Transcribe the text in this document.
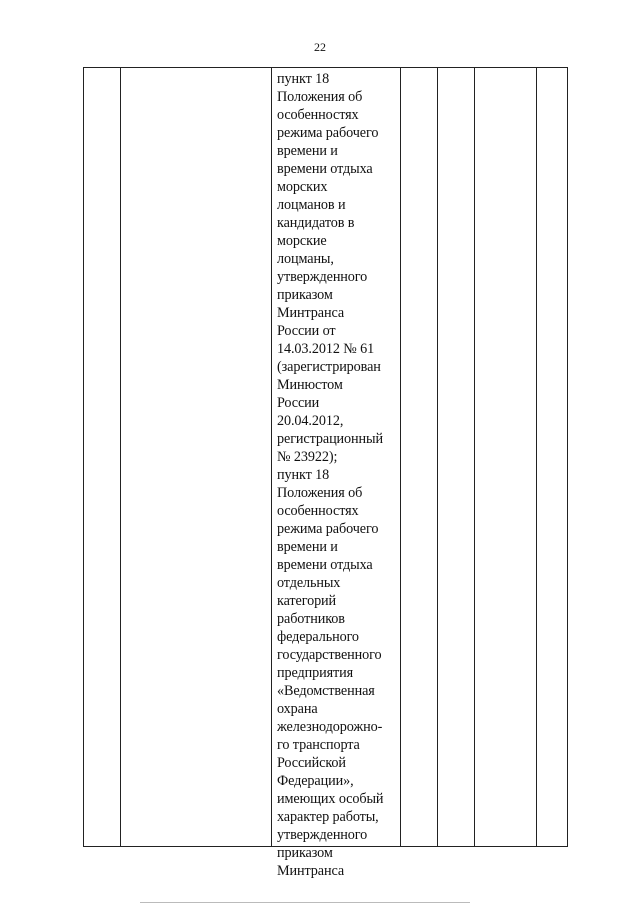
22
пункт 18
Положения об
особенностях
режима рабочего
времени и
времени отдыха
морских
лоцманов и
кандидатов в
морские
лоцманы,
утвержденного
приказом
Минтранса
России от
14.03.2012 № 61
(зарегистрирован
Минюстом
России
20.04.2012,
регистрационный
№ 23922);
пункт 18
Положения об
особенностях
режима рабочего
времени и
времени отдыха
отдельных
категорий
работников
федерального
государственного
предприятия
«Ведомственная
охрана
железнодорожно-
го транспорта
Российской
Федерации»,
имеющих особый
характер работы,
утвержденного
приказом
Минтранса
